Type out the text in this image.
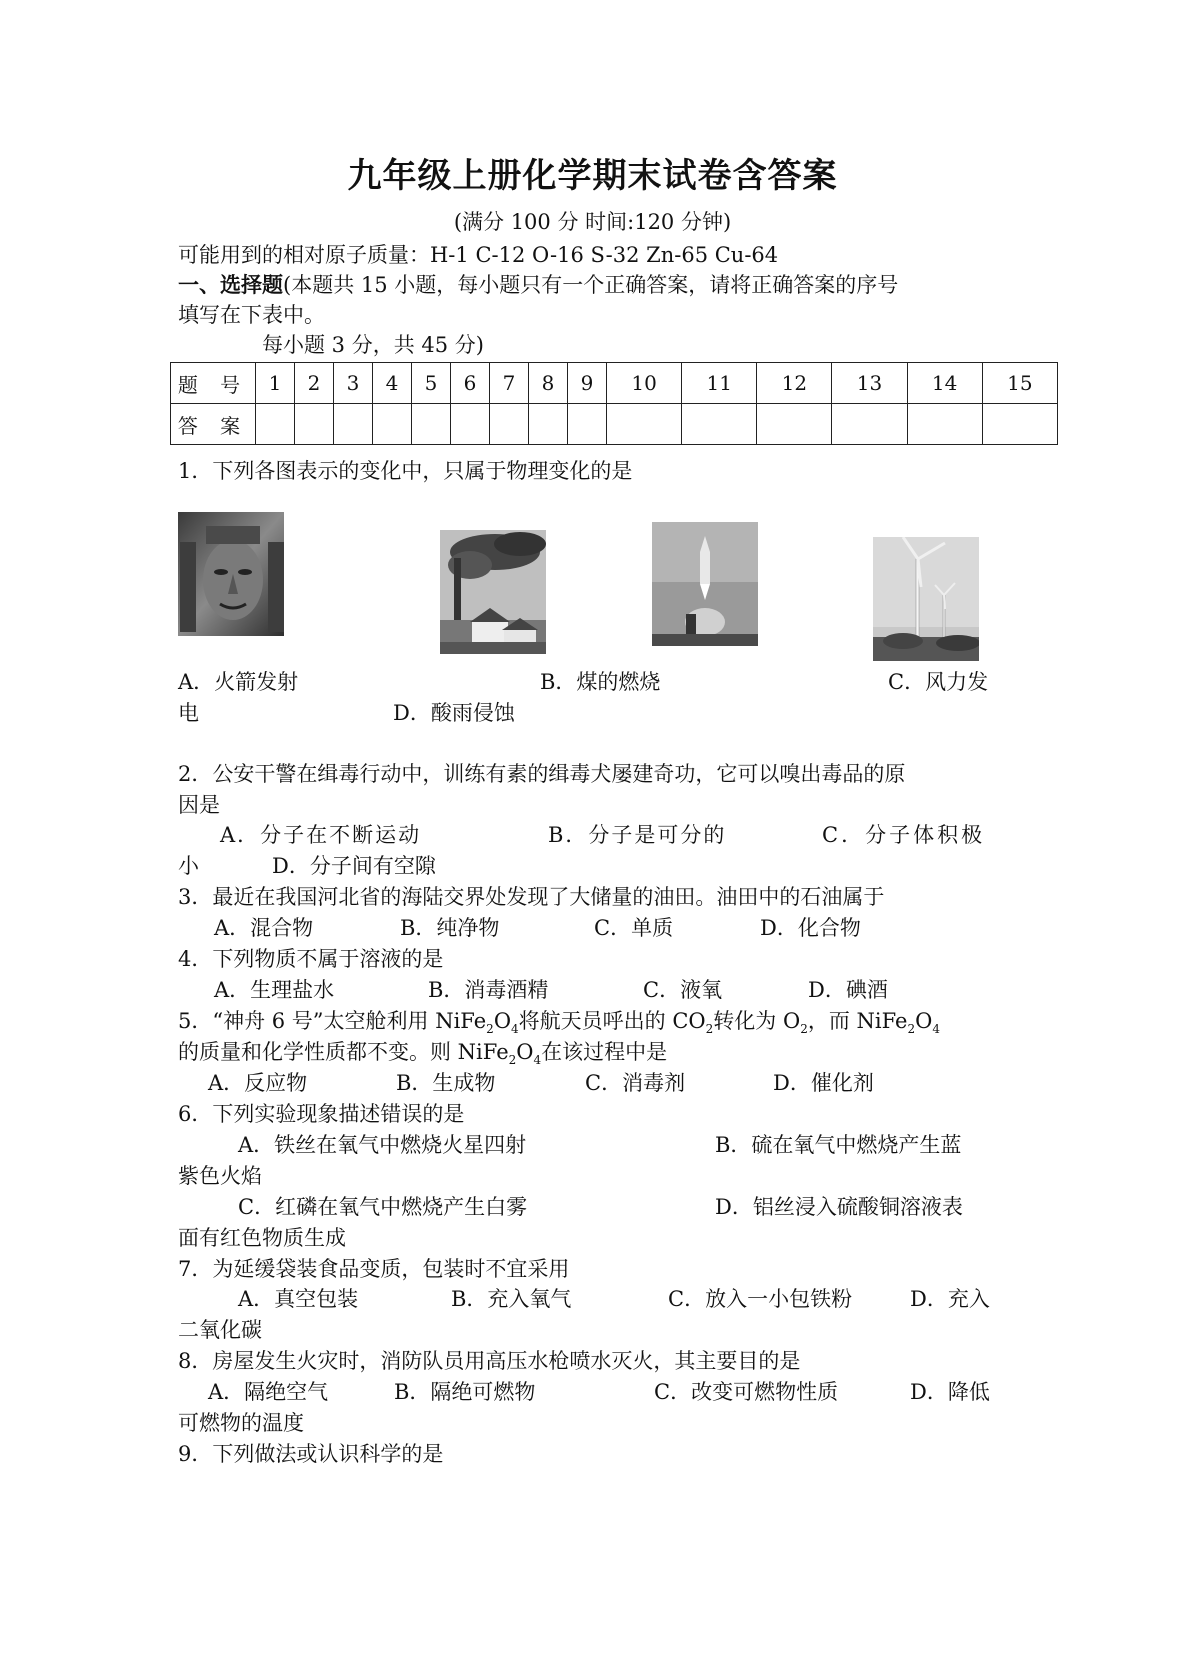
九年级上册化学期末试卷含答案
(满分 100 分 时间:120 分钟)
可能用到的相对原子质量：H-1 C-12 O-16 S-32 Zn-65 Cu-64
一、选择题(本题共 15 小题，每小题只有一个正确答案，请将正确答案的序号
填写在下表中。
每小题 3 分，共 45 分)
题 号	1	2	3	4	5	6	7	8	9	10	11	12	13	14	15
答 案															
1．下列各图表示的变化中，只属于物理变化的是
A．火箭发射	B．煤的燃烧	C．风力发
电	D．酸雨侵蚀
2．公安干警在缉毒行动中，训练有素的缉毒犬屡建奇功，它可以嗅出毒品的原
因是
A．分子在不断运动	B．分子是可分的	C．分子体积极
小	D．分子间有空隙
3．最近在我国河北省的海陆交界处发现了大储量的油田。油田中的石油属于
A．混合物	B．纯净物	C．单质	D．化合物
4．下列物质不属于溶液的是
A．生理盐水	B．消毒酒精	C．液氧	D．碘酒
5．“神舟 6 号”太空舱利用 $NiFe_2O_4$将航天员呼出的 $CO_2$转化为 $O_2$，而 $NiFe_2O_4$
的质量和化学性质都不变。则 $NiFe_2O_4$在该过程中是
A．反应物	B．生成物	C．消毒剂	D．催化剂
6．下列实验现象描述错误的是
A．铁丝在氧气中燃烧火星四射	B．硫在氧气中燃烧产生蓝
紫色火焰
C．红磷在氧气中燃烧产生白雾	D．铝丝浸入硫酸铜溶液表
面有红色物质生成
7．为延缓袋装食品变质，包装时不宜采用
A．真空包装	B．充入氧气	C．放入一小包铁粉	D．充入
二氧化碳
8．房屋发生火灾时，消防队员用高压水枪喷水灭火，其主要目的是
A．隔绝空气	B．隔绝可燃物	C．改变可燃物性质	D．降低
可燃物的温度
9．下列做法或认识科学的是
